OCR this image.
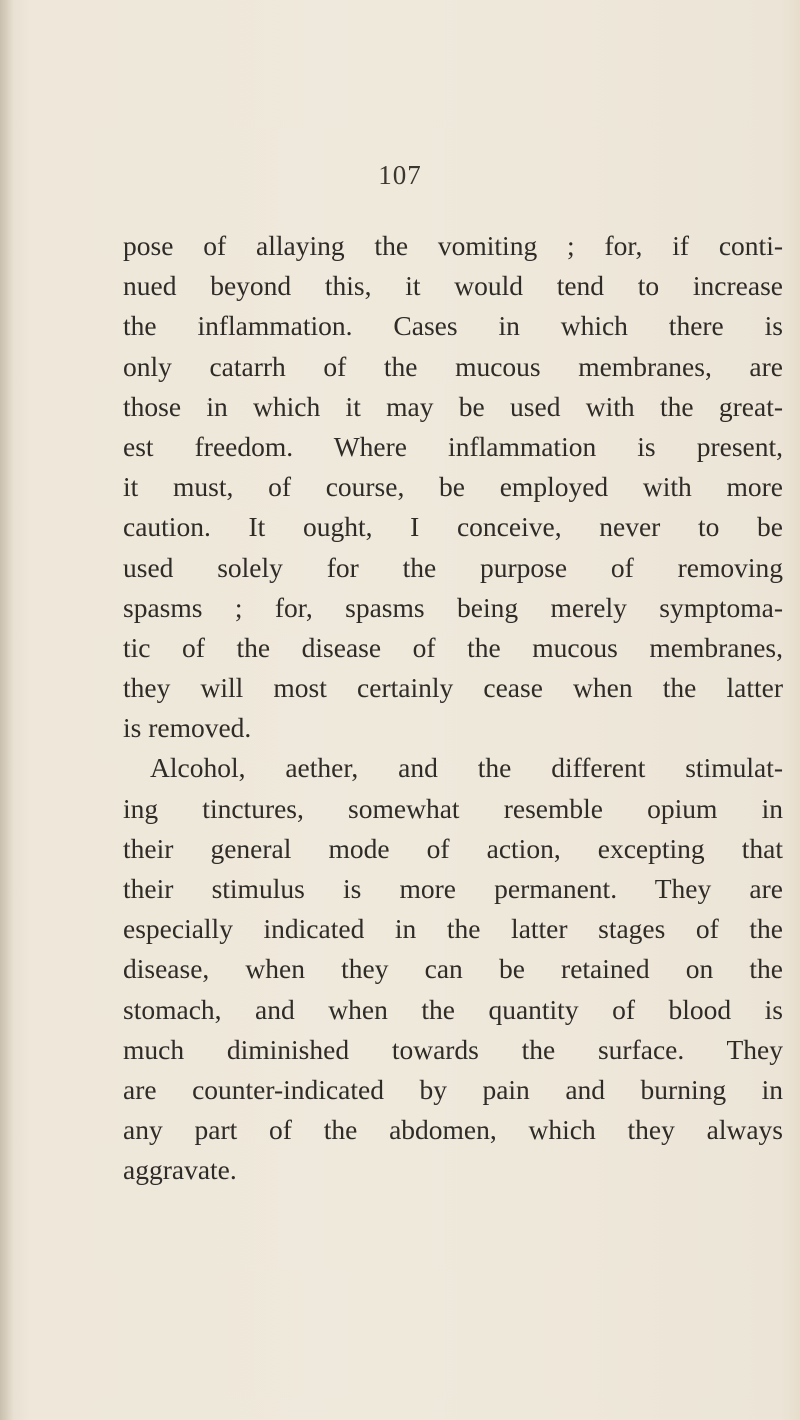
107
pose of allaying the vomiting ; for, if conti-
nued beyond this, it would tend to increase
the inflammation. Cases in which there is
only catarrh of the mucous membranes, are
those in which it may be used with the great-
est freedom. Where inflammation is present,
it must, of course, be employed with more
caution. It ought, I conceive, never to be
used solely for the purpose of removing
spasms ; for, spasms being merely symptoma-
tic of the disease of the mucous membranes,
they will most certainly cease when the latter
is removed.
Alcohol, aether, and the different stimulat-
ing tinctures, somewhat resemble opium in
their general mode of action, excepting that
their stimulus is more permanent. They are
especially indicated in the latter stages of the
disease, when they can be retained on the
stomach, and when the quantity of blood is
much diminished towards the surface. They
are counter-indicated by pain and burning in
any part of the abdomen, which they always
aggravate.
